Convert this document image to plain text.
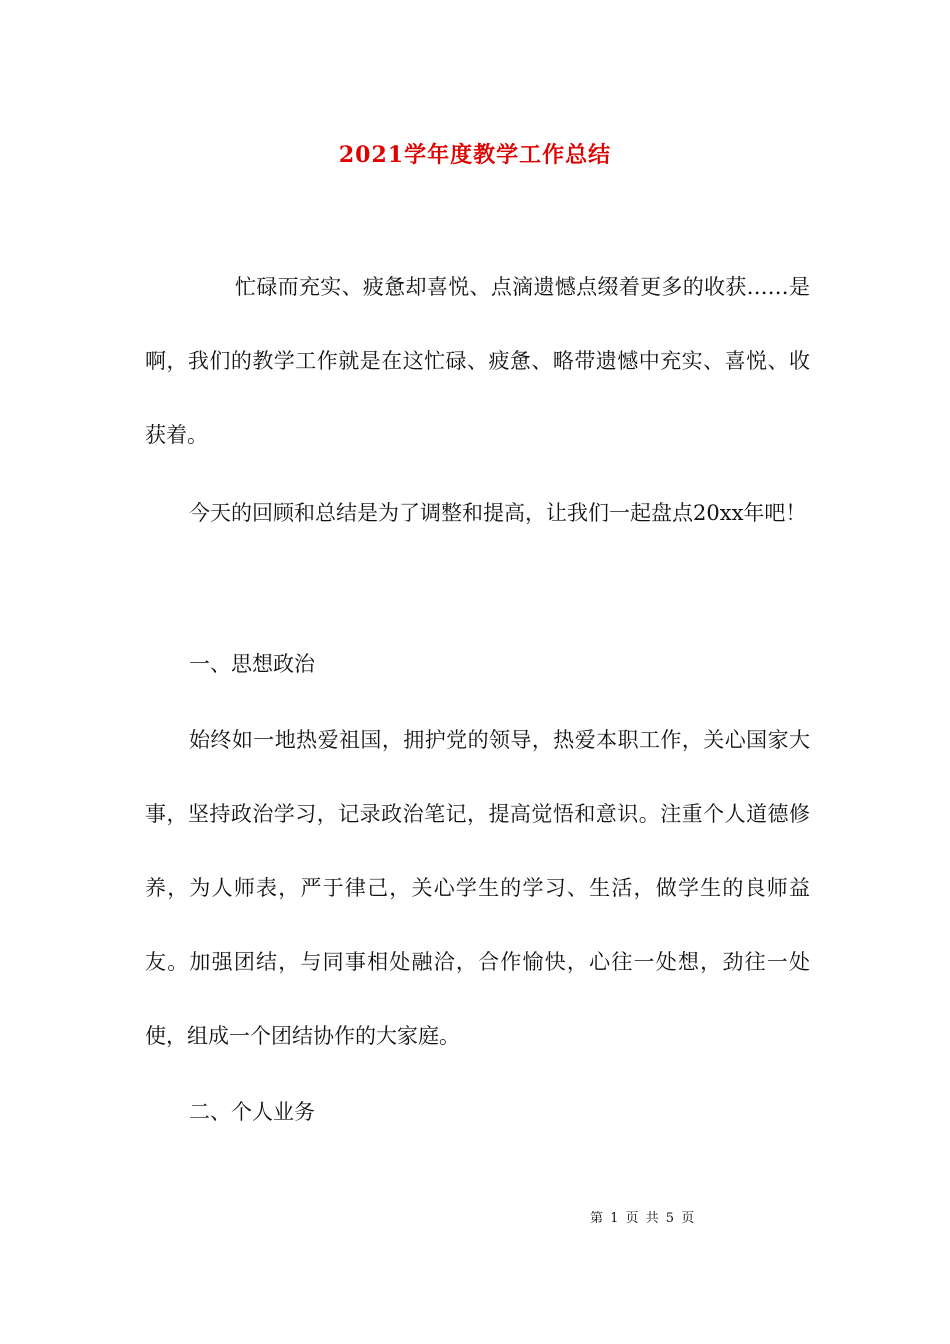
2021学年度教学工作总结
忙碌而充实、疲惫却喜悦、点滴遗憾点缀着更多的收获……是啊，我们的教学工作就是在这忙碌、疲惫、略带遗憾中充实、喜悦、收获着。
今天的回顾和总结是为了调整和提高，让我们一起盘点20xx年吧！
一、思想政治
始终如一地热爱祖国，拥护党的领导，热爱本职工作，关心国家大事，坚持政治学习，记录政治笔记，提高觉悟和意识。注重个人道德修养，为人师表，严于律己，关心学生的学习、生活，做学生的良师益友。加强团结，与同事相处融洽，合作愉快，心往一处想，劲往一处使，组成一个团结协作的大家庭。
二、个人业务
第 1 页 共 5 页
